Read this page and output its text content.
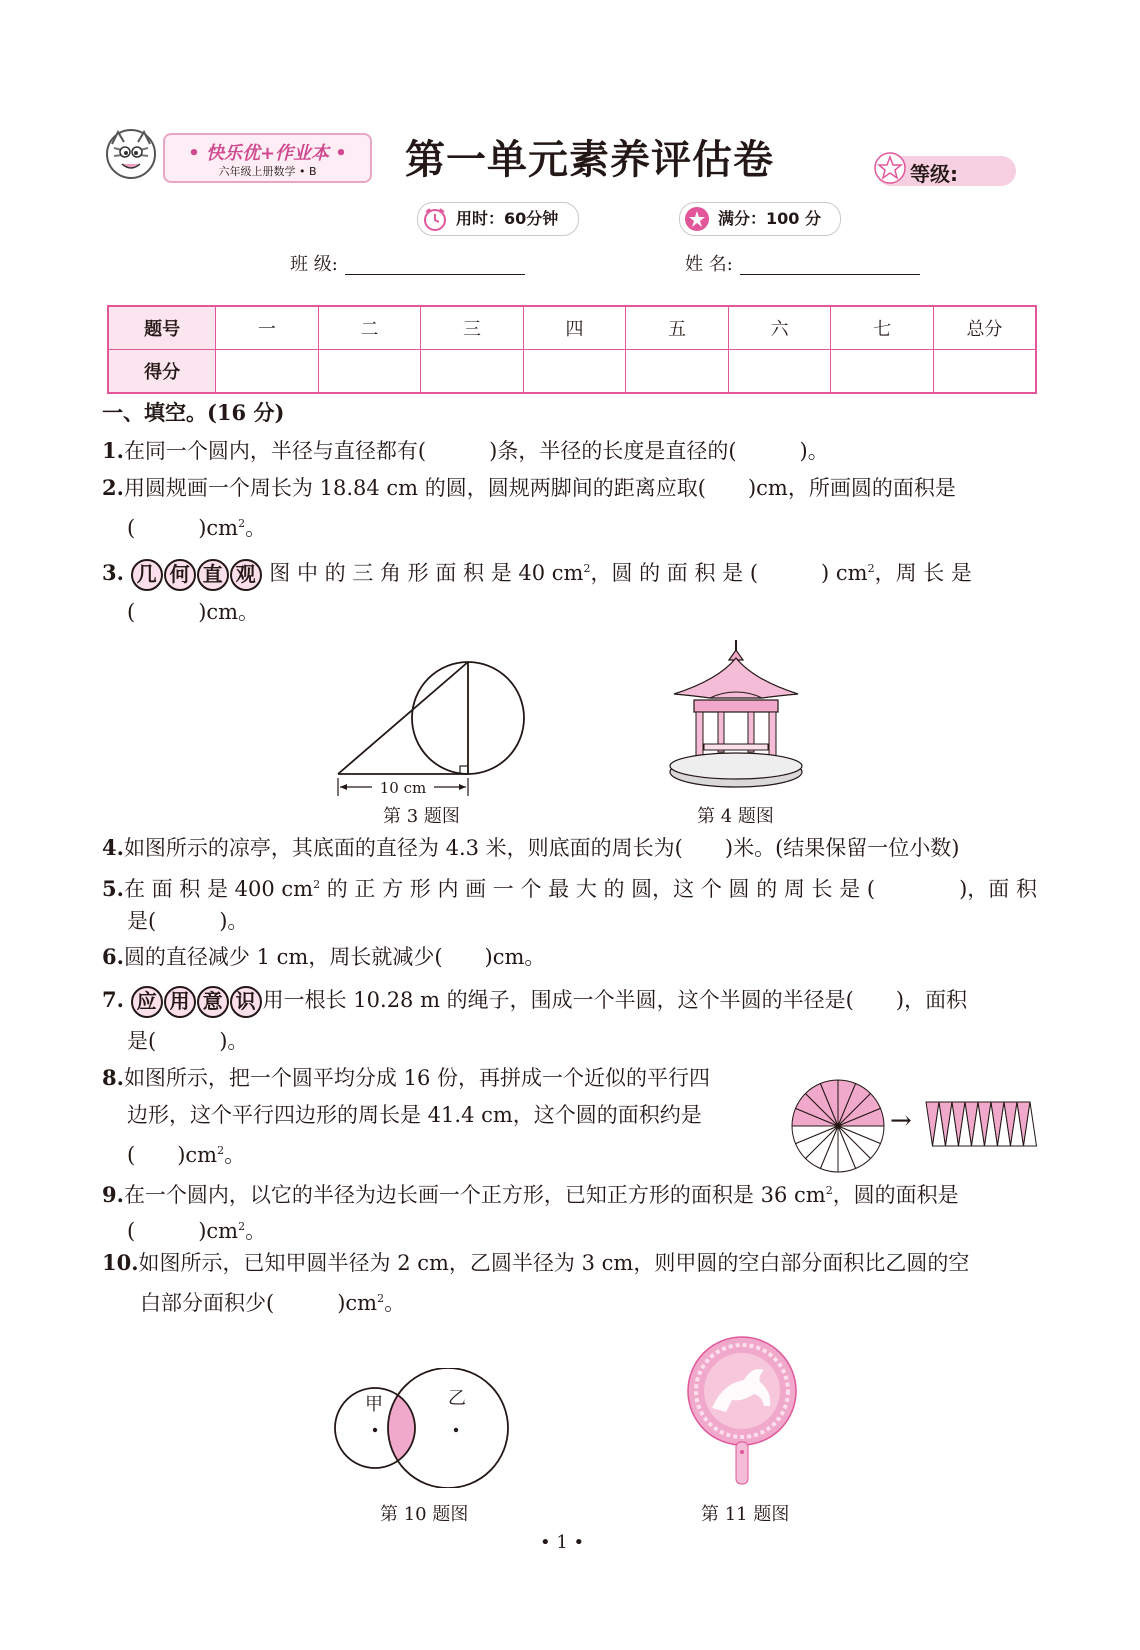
• 快乐优+作业本 •
六年级上册数学 • B	第一单元素养评估卷	等级:
用时：60分钟	满分：100 分
班 级:	姓 名:
题号	一	二	三	四	五	六	七	总分
得分								
一、填空。(16 分)
1.在同一个圆内，半径与直径都有(　　　)条，半径的长度是直径的(　　　)。
2.用圆规画一个周长为 18.84 cm 的圆，圆规两脚间的距离应取(　　)cm，所画圆的面积是
(　　　)$cm^2$。
3. 几 何 直 观 图 中 的 三 角 形 面 积 是 40 $cm^2$，圆 的 面 积 是 (　　　) $cm^2$，周 长 是
(　　　)cm。
10 cm
第 3 题图	第 4 题图
4.如图所示的凉亭，其底面的直径为 4.3 米，则底面的周长为(　　)米。(结果保留一位小数)
5.在 面 积 是 400 $cm^2$ 的 正 方 形 内 画 一 个 最 大 的 圆，这 个 圆 的 周 长 是 (　　　　)，面 积
是(　　　)。
6.圆的直径减少 1 cm，周长就减少(　　)cm。
7. 应 用 意 识 用一根长 10.28 m 的绳子，围成一个半圆，这个半圆的半径是(　　)，面积
是(　　　)。
8.如图所示，把一个圆平均分成 16 份，再拼成一个近似的平行四
边形，这个平行四边形的周长是 41.4 cm，这个圆的面积约是
(　　)$cm^2$。
→
9.在一个圆内，以它的半径为边长画一个正方形，已知正方形的面积是 36 $cm^2$，圆的面积是
(　　　)$cm^2$。
10.如图所示，已知甲圆半径为 2 cm，乙圆半径为 3 cm，则甲圆的空白部分面积比乙圆的空
白部分面积少(　　　)$cm^2$。
甲	乙
第 10 题图	第 11 题图
• 1 •
